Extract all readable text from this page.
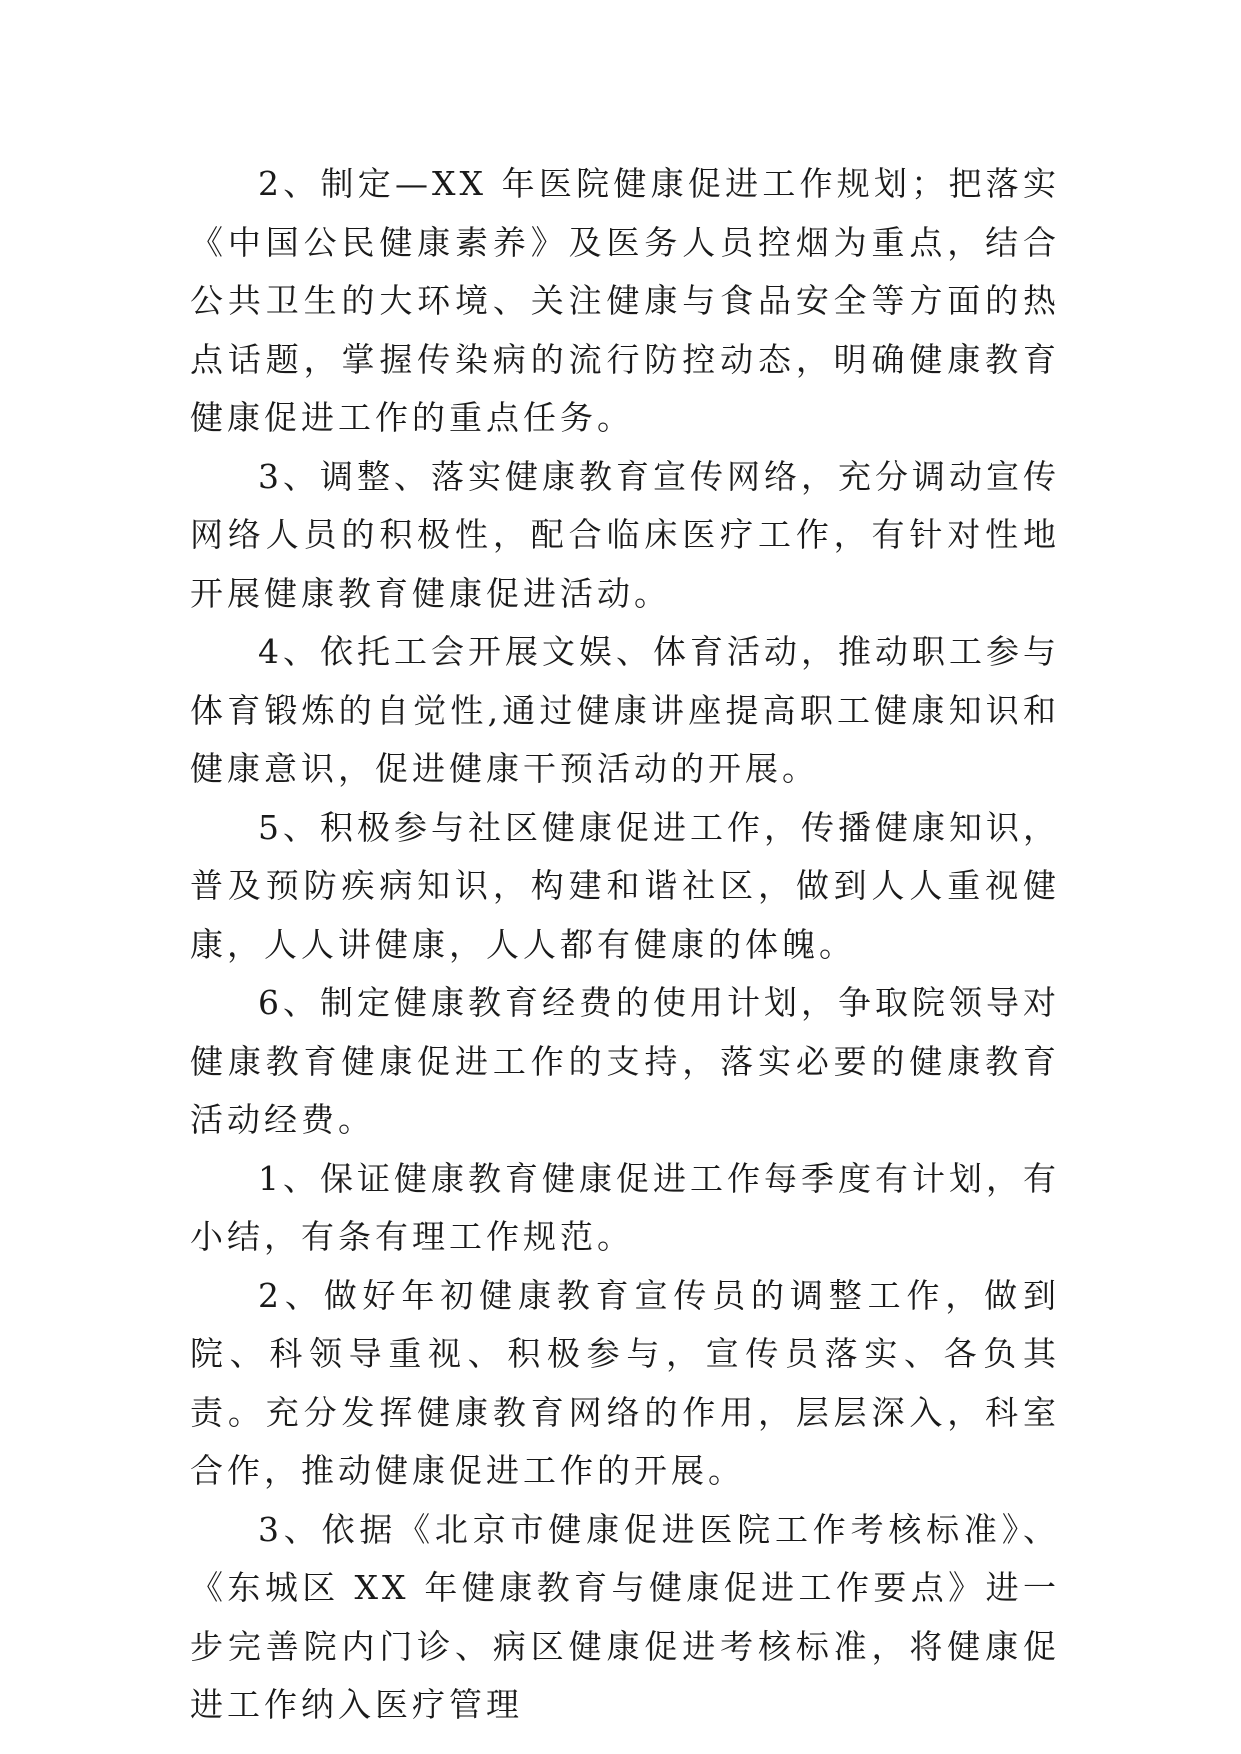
2、制定—XX 年医院健康促进工作规划；把落实《中国公民健康素养》及医务人员控烟为重点，结合公共卫生的大环境、关注健康与食品安全等方面的热点话题，掌握传染病的流行防控动态，明确健康教育健康促进工作的重点任务。

3、调整、落实健康教育宣传网络，充分调动宣传网络人员的积极性，配合临床医疗工作，有针对性地开展健康教育健康促进活动。

4、依托工会开展文娱、体育活动，推动职工参与体育锻炼的自觉性,通过健康讲座提高职工健康知识和健康意识，促进健康干预活动的开展。

5、积极参与社区健康促进工作，传播健康知识，普及预防疾病知识，构建和谐社区，做到人人重视健康，人人讲健康，人人都有健康的体魄。

6、制定健康教育经费的使用计划，争取院领导对健康教育健康促进工作的支持，落实必要的健康教育活动经费。

1、保证健康教育健康促进工作每季度有计划，有小结，有条有理工作规范。

2、做好年初健康教育宣传员的调整工作，做到院、科领导重视、积极参与，宣传员落实、各负其责。充分发挥健康教育网络的作用，层层深入，科室合作，推动健康促进工作的开展。

3、依据《北京市健康促进医院工作考核标准》、《东城区 XX 年健康教育与健康促进工作要点》进一步完善院内门诊、病区健康促进考核标准，将健康促进工作纳入医疗管理
